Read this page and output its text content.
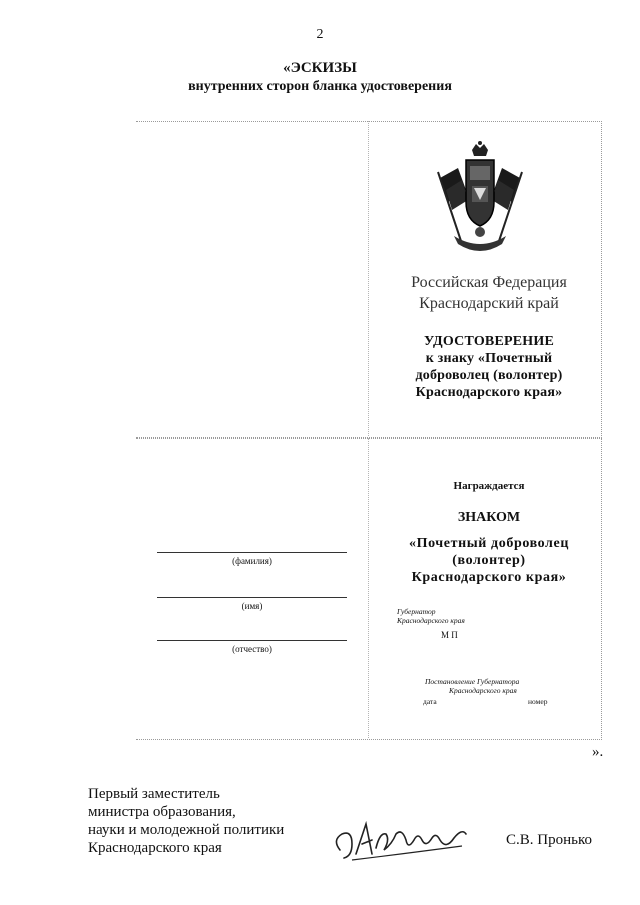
2
«ЭСКИЗЫ
внутренних сторон бланка удостоверения
Российская Федерация
Краснодарский край
УДОСТОВЕРЕНИЕ
к знаку «Почетный
доброволец (волонтер)
Краснодарского края»
Награждается
ЗНАКОМ
«Почетный доброволец
(волонтер)
Краснодарского края»
(фамилия)
(имя)
(отчество)
Губернатор
Краснодарского края
М П
Постановление Губернатора
Краснодарского края
дата	номер
».
Первый заместитель
министра образования,
науки и молодежной политики
Краснодарского края	С.В. Пронько
